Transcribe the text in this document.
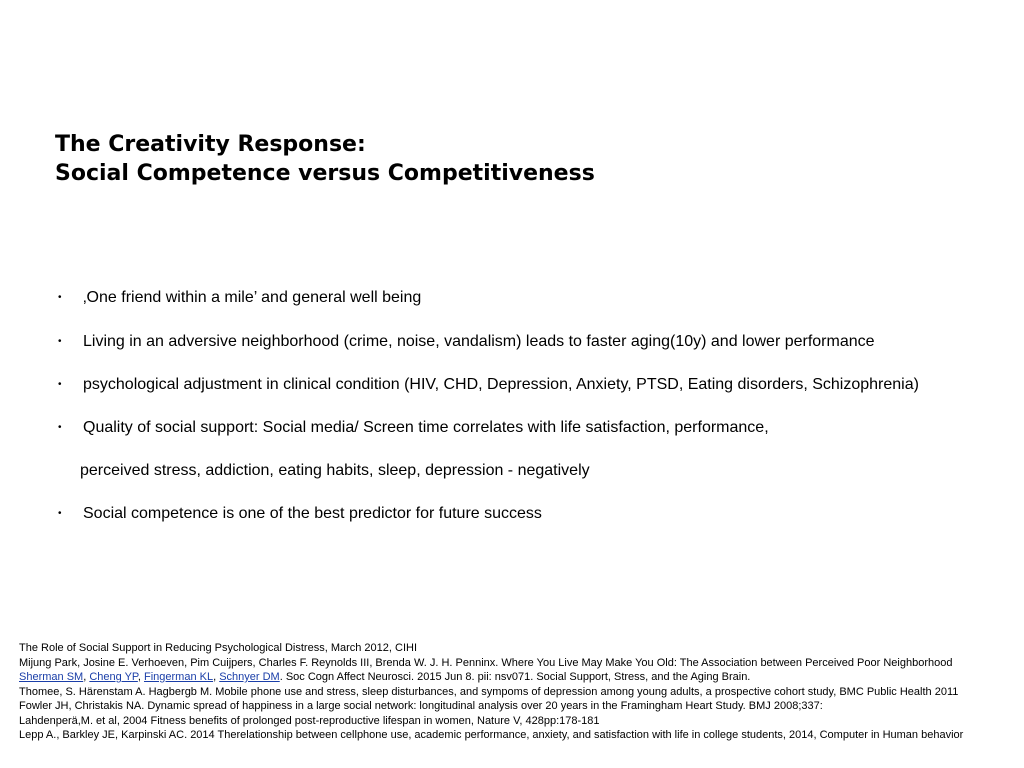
The Creativity Response:
Social Competence versus Competitiveness
• ‚One friend within a mile’ and general well being
• Living in an adversive neighborhood (crime, noise, vandalism) leads to faster aging(10y) and lower performance
• psychological adjustment in clinical condition (HIV, CHD, Depression, Anxiety, PTSD, Eating disorders, Schizophrenia)
• Quality of social support: Social media/ Screen time correlates with life satisfaction, performance,
perceived stress, addiction, eating habits, sleep, depression - negatively
• Social competence is one of the best predictor for future success
The Role of Social Support in Reducing Psychological Distress, March 2012, CIHI
Mijung Park, Josine E. Verhoeven, Pim Cuijpers, Charles F. Reynolds III, Brenda W. J. H. Penninx. Where You Live May Make You Old: The Association between Perceived Poor Neighborhood
Sherman SM, Cheng YP, Fingerman KL, Schnyer DM. Soc Cogn Affect Neurosci. 2015 Jun 8. pii: nsv071. Social Support, Stress, and the Aging Brain.
Thomee, S. Härenstam A. Hagbergb M. Mobile phone use and stress, sleep disturbances, and sympoms of depression among young adults, a prospective cohort study, BMC Public Health 2011
Fowler JH, Christakis NA. Dynamic spread of happiness in a large social network: longitudinal analysis over 20 years in the Framingham Heart Study. BMJ 2008;337:
Lahdenperä,M. et al, 2004 Fitness benefits of prolonged post-reproductive lifespan in women, Nature V, 428pp:178-181
Lepp A., Barkley JE, Karpinski AC. 2014 Therelationship between cellphone use, academic performance, anxiety, and satisfaction with life in college students, 2014, Computer in Human behavior
